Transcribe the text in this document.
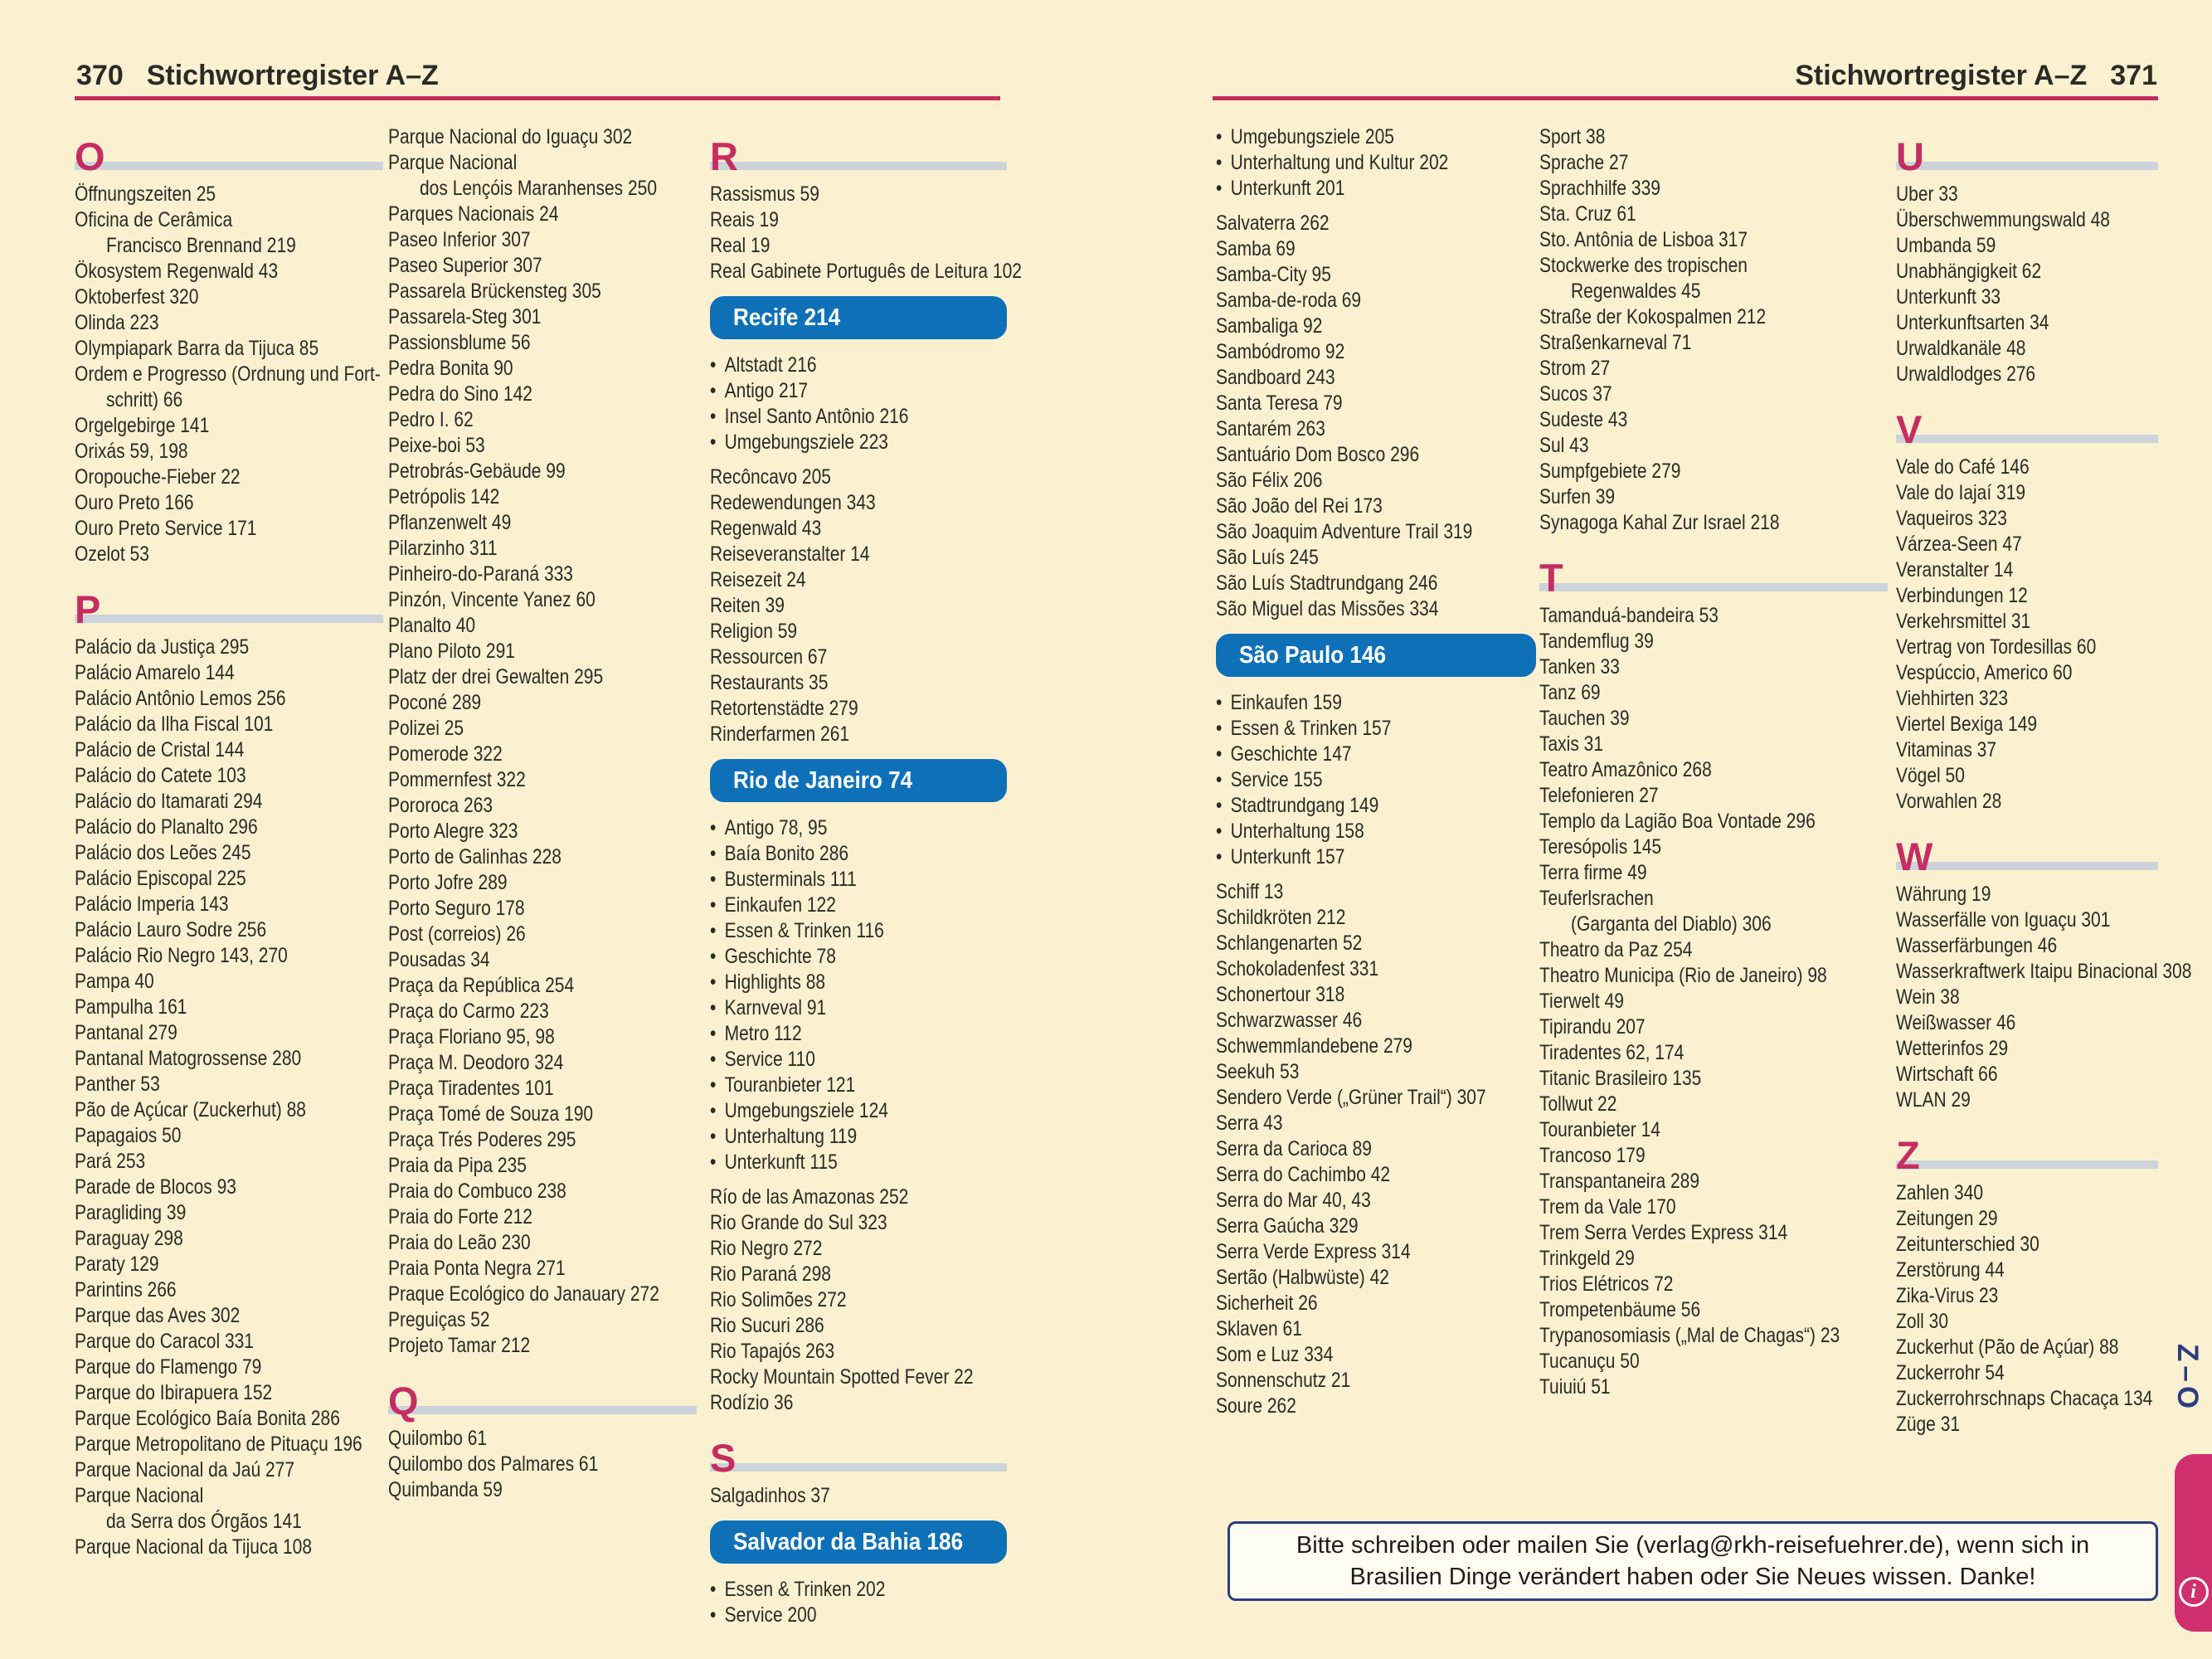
370 Stichwortregister A–Z	Stichwortregister A–Z 371
O
Öffnungszeiten 25
Oficina de Cerâmica
Francisco Brennand 219
Ökosystem Regenwald 43
Oktoberfest 320
Olinda 223
Olympiapark Barra da Tijuca 85
Ordem e Progresso (Ordnung und Fort-
schritt) 66
Orgelgebirge 141
Orixás 59, 198
Oropouche-Fieber 22
Ouro Preto 166
Ouro Preto Service 171
Ozelot 53
P
Palácio da Justiça 295
Palácio Amarelo 144
Palácio Antônio Lemos 256
Palácio da Ilha Fiscal 101
Palácio de Cristal 144
Palácio do Catete 103
Palácio do Itamarati 294
Palácio do Planalto 296
Palácio dos Leões 245
Palácio Episcopal 225
Palácio Imperia 143
Palácio Lauro Sodre 256
Palácio Rio Negro 143, 270
Pampa 40
Pampulha 161
Pantanal 279
Pantanal Matogrossense 280
Panther 53
Pão de Açúcar (Zuckerhut) 88
Papagaios 50
Pará 253
Parade de Blocos 93
Paragliding 39
Paraguay 298
Paraty 129
Parintins 266
Parque das Aves 302
Parque do Caracol 331
Parque do Flamengo 79
Parque do Ibirapuera 152
Parque Ecológico Baía Bonita 286
Parque Metropolitano de Pituaçu 196
Parque Nacional da Jaú 277
Parque Nacional
da Serra dos Órgãos 141
Parque Nacional da Tijuca 108
Parque Nacional do Iguaçu 302
Parque Nacional
dos Lençóis Maranhenses 250
Parques Nacionais 24
Paseo Inferior 307
Paseo Superior 307
Passarela Brückensteg 305
Passarela-Steg 301
Passionsblume 56
Pedra Bonita 90
Pedra do Sino 142
Pedro I. 62
Peixe-boi 53
Petrobrás-Gebäude 99
Petrópolis 142
Pflanzenwelt 49
Pilarzinho 311
Pinheiro-do-Paraná 333
Pinzón, Vincente Yanez 60
Planalto 40
Plano Piloto 291
Platz der drei Gewalten 295
Poconé 289
Polizei 25
Pomerode 322
Pommernfest 322
Pororoca 263
Porto Alegre 323
Porto de Galinhas 228
Porto Jofre 289
Porto Seguro 178
Post (correios) 26
Pousadas 34
Praça da República 254
Praça do Carmo 223
Praça Floriano 95, 98
Praça M. Deodoro 324
Praça Tiradentes 101
Praça Tomé de Souza 190
Praça Trés Poderes 295
Praia da Pipa 235
Praia do Combuco 238
Praia do Forte 212
Praia do Leão 230
Praia Ponta Negra 271
Praque Ecológico do Janauary 272
Preguiças 52
Projeto Tamar 212
Q
Quilombo 61
Quilombo dos Palmares 61
Quimbanda 59
R
Rassismus 59
Reais 19
Real 19
Real Gabinete Português de Leitura 102
Recife 214
• Altstadt 216
• Antigo 217
• Insel Santo Antônio 216
• Umgebungsziele 223
Recôncavo 205
Redewendungen 343
Regenwald 43
Reiseveranstalter 14
Reisezeit 24
Reiten 39
Religion 59
Ressourcen 67
Restaurants 35
Retortenstädte 279
Rinderfarmen 261
Rio de Janeiro 74
• Antigo 78, 95
• Baía Bonito 286
• Busterminals 111
• Einkaufen 122
• Essen & Trinken 116
• Geschichte 78
• Highlights 88
• Karnveval 91
• Metro 112
• Service 110
• Touranbieter 121
• Umgebungsziele 124
• Unterhaltung 119
• Unterkunft 115
Río de las Amazonas 252
Rio Grande do Sul 323
Rio Negro 272
Rio Paraná 298
Rio Solimões 272
Rio Sucuri 286
Rio Tapajós 263
Rocky Mountain Spotted Fever 22
Rodízio 36
S
Salgadinhos 37
Salvador da Bahia 186
• Essen & Trinken 202
• Service 200
• Umgebungsziele 205
• Unterhaltung und Kultur 202
• Unterkunft 201
Salvaterra 262
Samba 69
Samba-City 95
Samba-de-roda 69
Sambaliga 92
Sambódromo 92
Sandboard 243
Santa Teresa 79
Santarém 263
Santuário Dom Bosco 296
São Félix 206
São João del Rei 173
São Joaquim Adventure Trail 319
São Luís 245
São Luís Stadtrundgang 246
São Miguel das Missões 334
São Paulo 146
• Einkaufen 159
• Essen & Trinken 157
• Geschichte 147
• Service 155
• Stadtrundgang 149
• Unterhaltung 158
• Unterkunft 157
Schiff 13
Schildkröten 212
Schlangenarten 52
Schokoladenfest 331
Schonertour 318
Schwarzwasser 46
Schwemmlandebene 279
Seekuh 53
Sendero Verde („Grüner Trail“) 307
Serra 43
Serra da Carioca 89
Serra do Cachimbo 42
Serra do Mar 40, 43
Serra Gaúcha 329
Serra Verde Express 314
Sertão (Halbwüste) 42
Sicherheit 26
Sklaven 61
Som e Luz 334
Sonnenschutz 21
Soure 262
Sport 38
Sprache 27
Sprachhilfe 339
Sta. Cruz 61
Sto. Antônia de Lisboa 317
Stockwerke des tropischen
Regenwaldes 45
Straße der Kokospalmen 212
Straßenkarneval 71
Strom 27
Sucos 37
Sudeste 43
Sul 43
Sumpfgebiete 279
Surfen 39
Synagoga Kahal Zur Israel 218
T
Tamanduá-bandeira 53
Tandemflug 39
Tanken 33
Tanz 69
Tauchen 39
Taxis 31
Teatro Amazônico 268
Telefonieren 27
Templo da Lagião Boa Vontade 296
Teresópolis 145
Terra firme 49
Teuferlsrachen
(Garganta del Diablo) 306
Theatro da Paz 254
Theatro Municipa (Rio de Janeiro) 98
Tierwelt 49
Tipirandu 207
Tiradentes 62, 174
Titanic Brasileiro 135
Tollwut 22
Touranbieter 14
Trancoso 179
Transpantaneira 289
Trem da Vale 170
Trem Serra Verdes Express 314
Trinkgeld 29
Trios Elétricos 72
Trompetenbäume 56
Trypanosomiasis („Mal de Chagas“) 23
Tucanuçu 50
Tuiuiú 51
U
Uber 33
Überschwemmungswald 48
Umbanda 59
Unabhängigkeit 62
Unterkunft 33
Unterkunftsarten 34
Urwaldkanäle 48
Urwaldlodges 276
V
Vale do Café 146
Vale do Iajaí 319
Vaqueiros 323
Várzea-Seen 47
Veranstalter 14
Verbindungen 12
Verkehrsmittel 31
Vertrag von Tordesillas 60
Vespúccio, Americo 60
Viehhirten 323
Viertel Bexiga 149
Vitaminas 37
Vögel 50
Vorwahlen 28
W
Währung 19
Wasserfälle von Iguaçu 301
Wasserfärbungen 46
Wasserkraftwerk Itaipu Binacional 308
Wein 38
Weißwasser 46
Wetterinfos 29
Wirtschaft 66
WLAN 29
Z
Zahlen 340
Zeitungen 29
Zeitunterschied 30
Zerstörung 44
Zika-Virus 23
Zoll 30
Zuckerhut (Pão de Açúar) 88
Zuckerrohr 54
Zuckerrohrschnaps Chacaça 134
Züge 31
Bitte schreiben oder mailen Sie (verlag@rkh-reisefuehrer.de), wenn sich in
Brasilien Dinge verändert haben oder Sie Neues wissen. Danke!
Z–O
i
